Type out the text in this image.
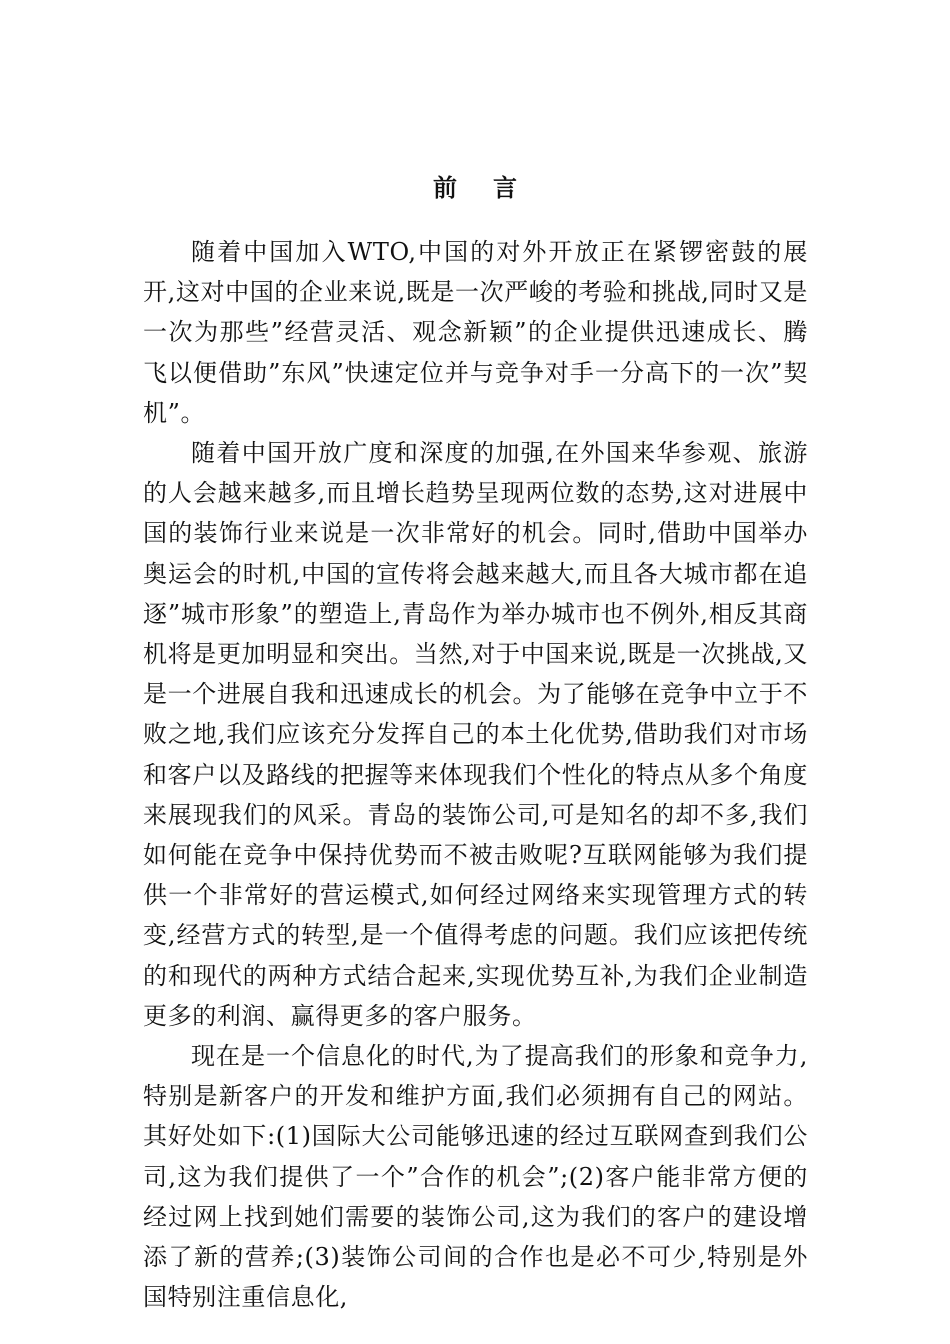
前言

随着中国加入WTO,中国的对外开放正在紧锣密鼓的展开,这对中国的企业来说,既是一次严峻的考验和挑战,同时又是一次为那些”经营灵活、观念新颖”的企业提供迅速成长、腾飞以便借助”东风”快速定位并与竞争对手一分高下的一次”契机”。

随着中国开放广度和深度的加强,在外国来华参观、旅游的人会越来越多,而且增长趋势呈现两位数的态势,这对进展中国的装饰行业来说是一次非常好的机会。同时,借助中国举办奥运会的时机,中国的宣传将会越来越大,而且各大城市都在追逐”城市形象”的塑造上,青岛作为举办城市也不例外,相反其商机将是更加明显和突出。当然,对于中国来说,既是一次挑战,又是一个进展自我和迅速成长的机会。为了能够在竞争中立于不败之地,我们应该充分发挥自己的本土化优势,借助我们对市场和客户以及路线的把握等来体现我们个性化的特点从多个角度来展现我们的风采。青岛的装饰公司,可是知名的却不多,我们如何能在竞争中保持优势而不被击败呢?互联网能够为我们提供一个非常好的营运模式,如何经过网络来实现管理方式的转变,经营方式的转型,是一个值得考虑的问题。我们应该把传统的和现代的两种方式结合起来,实现优势互补,为我们企业制造更多的利润、赢得更多的客户服务。

现在是一个信息化的时代,为了提高我们的形象和竞争力,特别是新客户的开发和维护方面,我们必须拥有自己的网站。其好处如下:(1)国际大公司能够迅速的经过互联网查到我们公司,这为我们提供了一个”合作的机会”;(2)客户能非常方便的经过网上找到她们需要的装饰公司,这为我们的客户的建设增添了新的营养;(3)装饰公司间的合作也是必不可少,特别是外国特别注重信息化,
